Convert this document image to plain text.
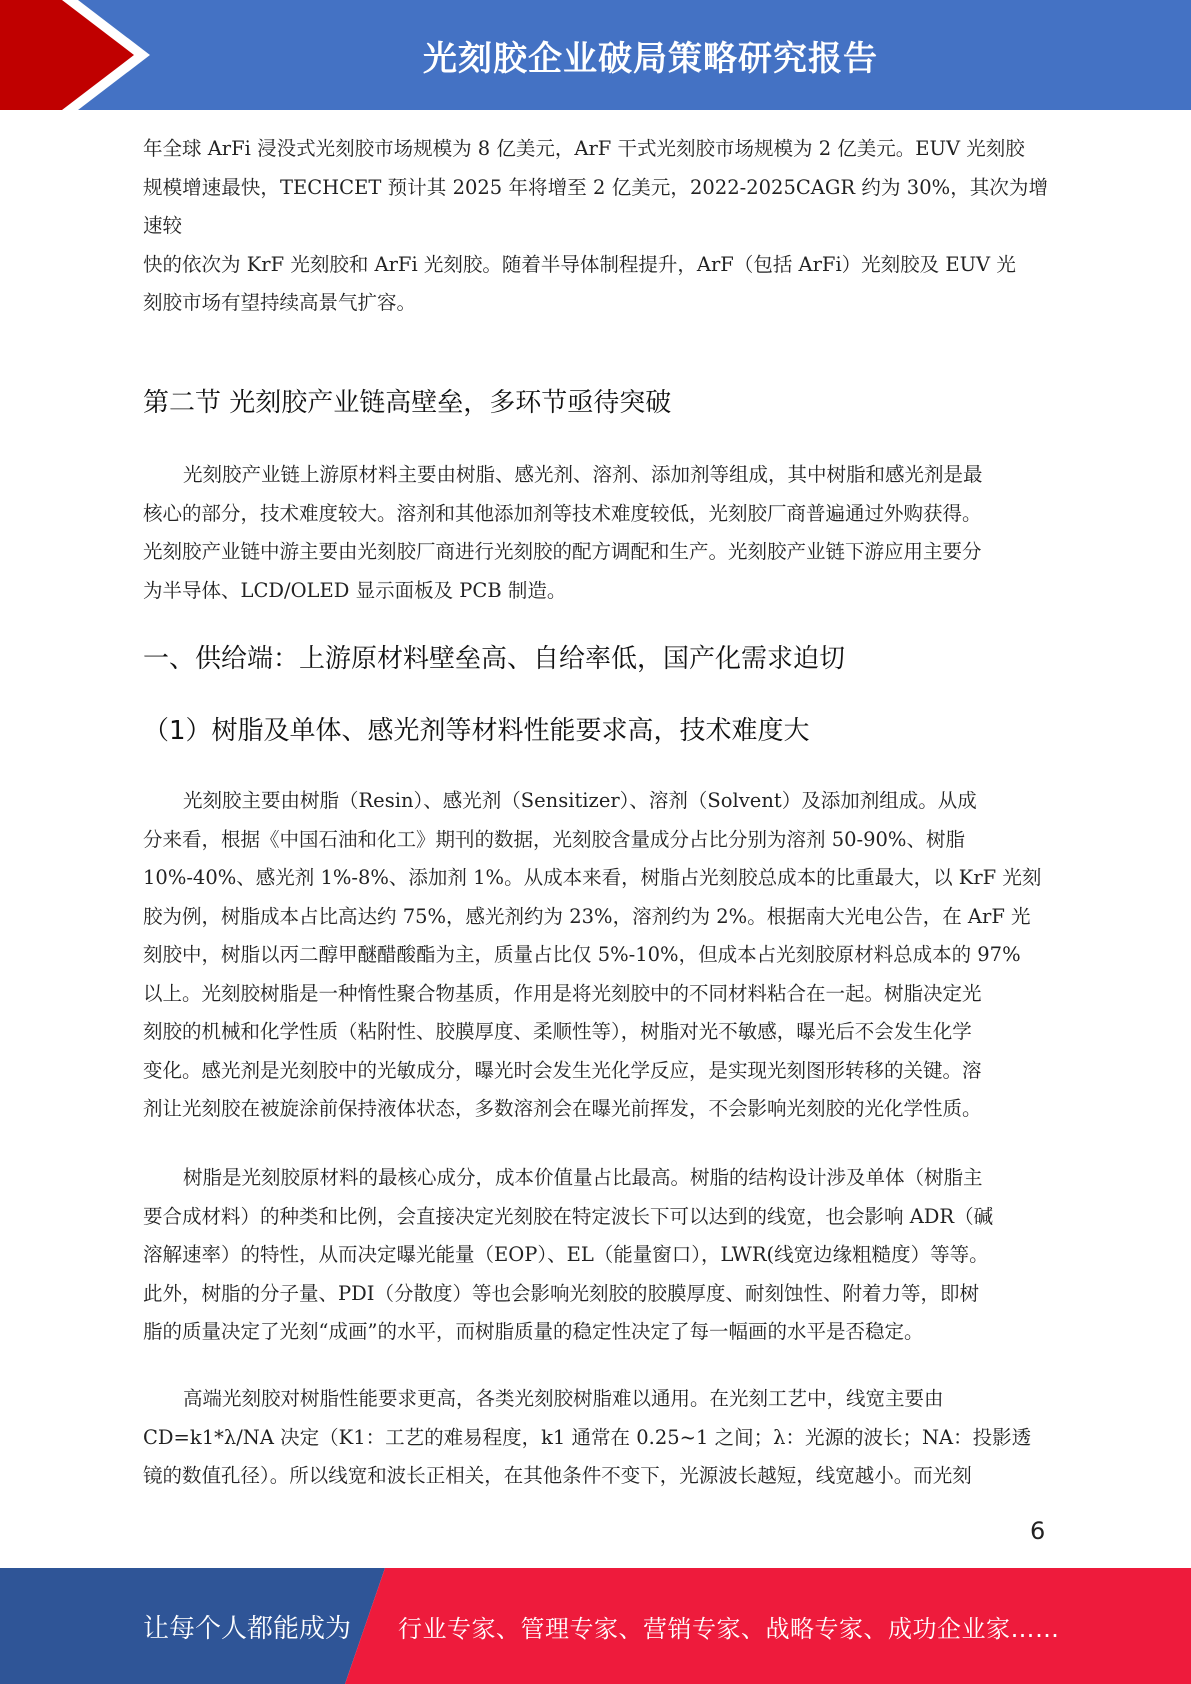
光刻胶企业破局策略研究报告
年全球 ArFi 浸没式光刻胶市场规模为 8 亿美元，ArF 干式光刻胶市场规模为 2 亿美元。EUV 光刻胶
规模增速最快，TECHCET 预计其 2025 年将增至 2 亿美元，2022-2025CAGR 约为 30%，其次为增速较
快的依次为 KrF 光刻胶和 ArFi 光刻胶。随着半导体制程提升，ArF（包括 ArFi）光刻胶及 EUV 光
刻胶市场有望持续高景气扩容。
第二节 光刻胶产业链高壁垒，多环节亟待突破
光刻胶产业链上游原材料主要由树脂、感光剂、溶剂、添加剂等组成，其中树脂和感光剂是最
核心的部分，技术难度较大。溶剂和其他添加剂等技术难度较低，光刻胶厂商普遍通过外购获得。
光刻胶产业链中游主要由光刻胶厂商进行光刻胶的配方调配和生产。光刻胶产业链下游应用主要分
为半导体、LCD/OLED 显示面板及 PCB 制造。
一、供给端：上游原材料壁垒高、自给率低，国产化需求迫切
（1）树脂及单体、感光剂等材料性能要求高，技术难度大
光刻胶主要由树脂（Resin）、感光剂（Sensitizer）、溶剂（Solvent）及添加剂组成。从成
分来看，根据《中国石油和化工》期刊的数据，光刻胶含量成分占比分别为溶剂 50-90%、树脂
10%-40%、感光剂 1%-8%、添加剂 1%。从成本来看，树脂占光刻胶总成本的比重最大，以 KrF 光刻
胶为例，树脂成本占比高达约 75%，感光剂约为 23%，溶剂约为 2%。根据南大光电公告，在 ArF 光
刻胶中，树脂以丙二醇甲醚醋酸酯为主，质量占比仅 5%-10%，但成本占光刻胶原材料总成本的 97%
以上。光刻胶树脂是一种惰性聚合物基质，作用是将光刻胶中的不同材料粘合在一起。树脂决定光
刻胶的机械和化学性质（粘附性、胶膜厚度、柔顺性等），树脂对光不敏感，曝光后不会发生化学
变化。感光剂是光刻胶中的光敏成分，曝光时会发生光化学反应，是实现光刻图形转移的关键。溶
剂让光刻胶在被旋涂前保持液体状态，多数溶剂会在曝光前挥发，不会影响光刻胶的光化学性质。
树脂是光刻胶原材料的最核心成分，成本价值量占比最高。树脂的结构设计涉及单体（树脂主
要合成材料）的种类和比例，会直接决定光刻胶在特定波长下可以达到的线宽，也会影响 ADR（碱
溶解速率）的特性，从而决定曝光能量（EOP）、EL（能量窗口），LWR(线宽边缘粗糙度）等等。
此外，树脂的分子量、PDI（分散度）等也会影响光刻胶的胶膜厚度、耐刻蚀性、附着力等，即树
脂的质量决定了光刻“成画”的水平，而树脂质量的稳定性决定了每一幅画的水平是否稳定。
高端光刻胶对树脂性能要求更高，各类光刻胶树脂难以通用。在光刻工艺中，线宽主要由
CD=k1*λ/NA 决定（K1：工艺的难易程度，k1 通常在 0.25~1 之间；λ：光源的波长；NA：投影透
镜的数值孔径）。所以线宽和波长正相关，在其他条件不变下，光源波长越短，线宽越小。而光刻
6
让每个人都能成为 行业专家、管理专家、营销专家、战略专家、成功企业家……
